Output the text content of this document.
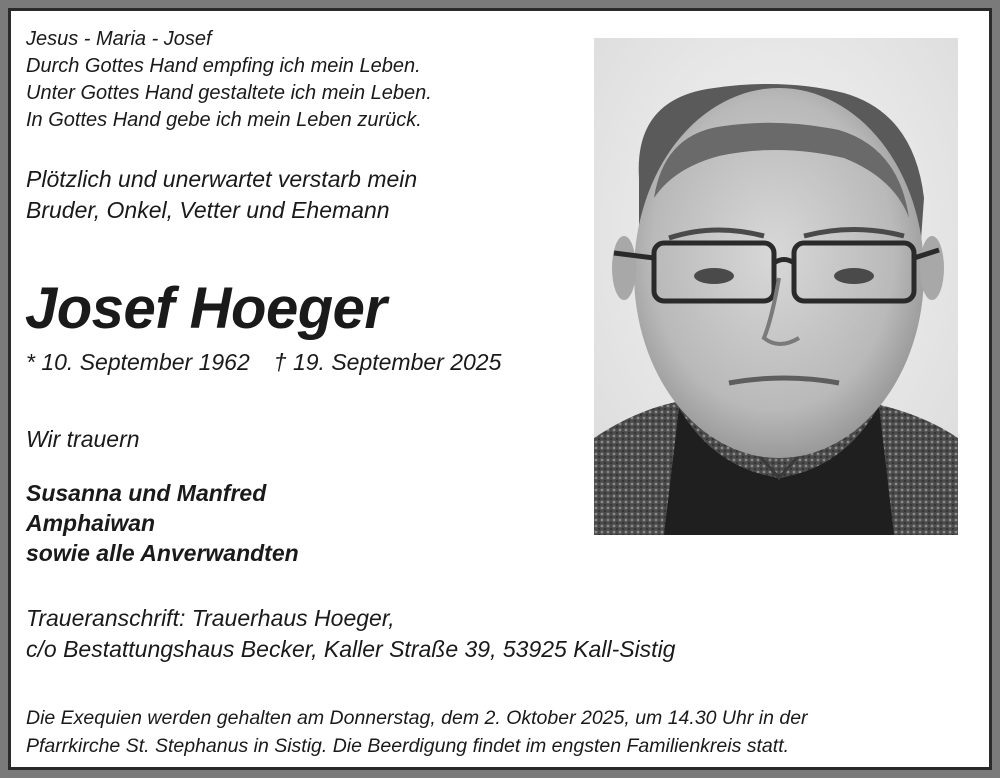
Jesus - Maria - Josef
Durch Gottes Hand empfing ich mein Leben.
Unter Gottes Hand gestaltete ich mein Leben.
In Gottes Hand gebe ich mein Leben zurück.
Plötzlich und unerwartet verstarb mein
Bruder, Onkel, Vetter und Ehemann
Josef Hoeger
* 10. September 1962 † 19. September 2025
Wir trauern
Susanna und Manfred
Amphaiwan
sowie alle Anverwandten
Traueranschrift: Trauerhaus Hoeger,
c/o Bestattungshaus Becker, Kaller Straße 39, 53925 Kall-Sistig
Die Exequien werden gehalten am Donnerstag, dem 2. Oktober 2025, um 14.30 Uhr in der
Pfarrkirche St. Stephanus in Sistig. Die Beerdigung findet im engsten Familienkreis statt.
